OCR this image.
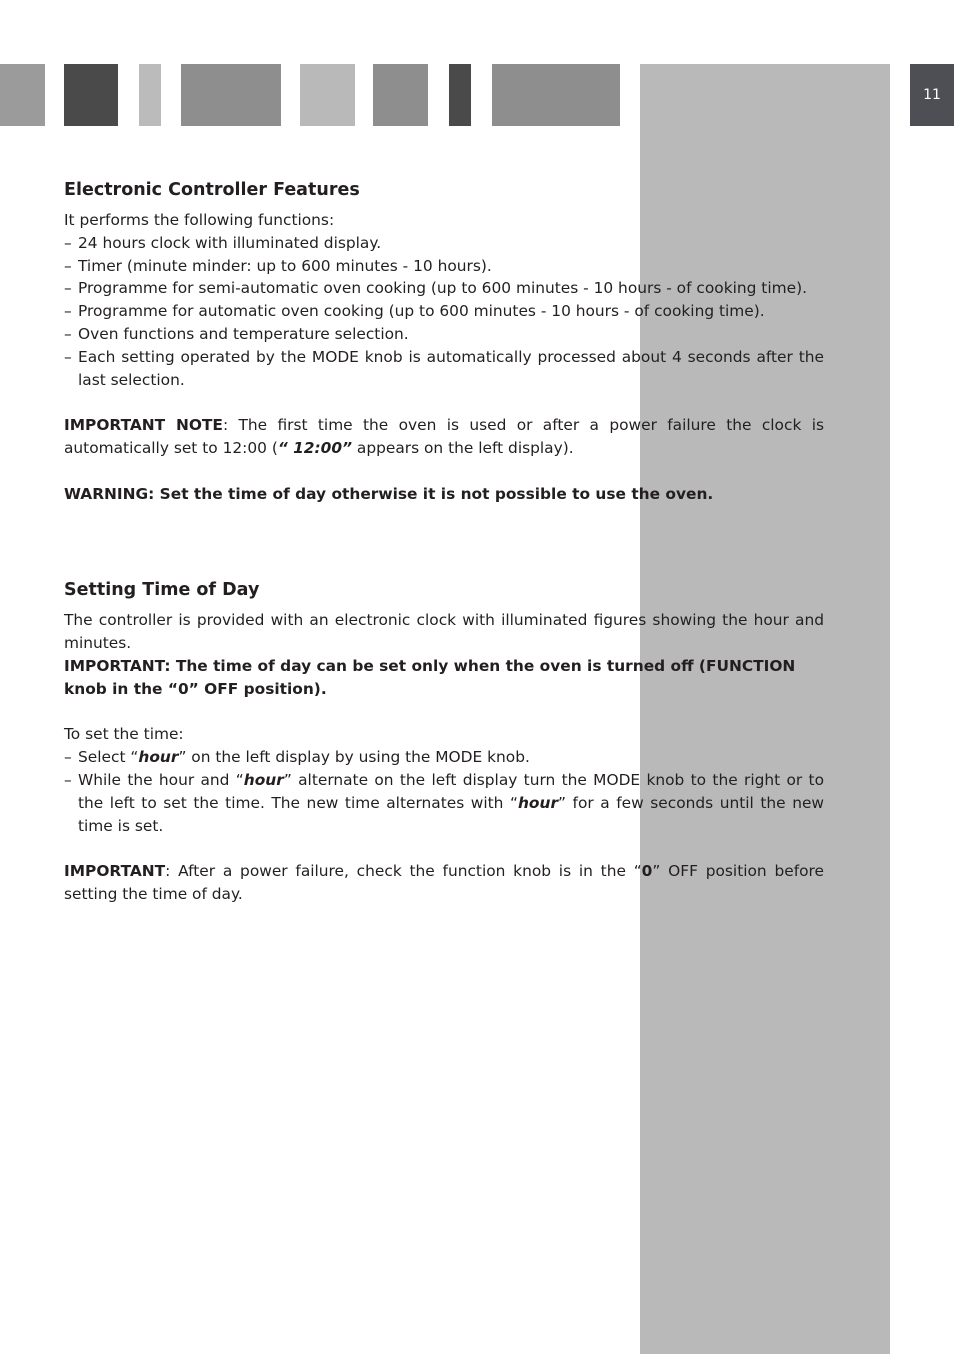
11
Electronic Controller Features

It performs the following functions:

– 24 hours clock with illuminated display.
– Timer (minute minder: up to 600 minutes - 10 hours).
– Programme for semi-automatic oven cooking (up to 600 minutes - 10 hours - of cooking time).
– Programme for automatic oven cooking (up to 600 minutes - 10 hours - of cooking time).
– Oven functions and temperature selection.
– Each setting operated by the MODE knob is automatically processed about 4 seconds after the last selection.

IMPORTANT NOTE: The first time the oven is used or after a power failure the clock is automatically set to 12:00 (“ 12:00” appears on the left display).

WARNING: Set the time of day otherwise it is not possible to use the oven.

Setting Time of Day

The controller is provided with an electronic clock with illuminated figures showing the hour and minutes.

IMPORTANT: The time of day can be set only when the oven is turned off (FUNCTION knob in the “0” OFF position).

To set the time:

– Select “hour” on the left display by using the MODE knob.
– While the hour and “hour” alternate on the left display turn the MODE knob to the right or to the left to set the time. The new time alternates with “hour” for a few seconds until the new time is set.

IMPORTANT: After a power failure, check the function knob is in the “0” OFF position before setting the time of day.
